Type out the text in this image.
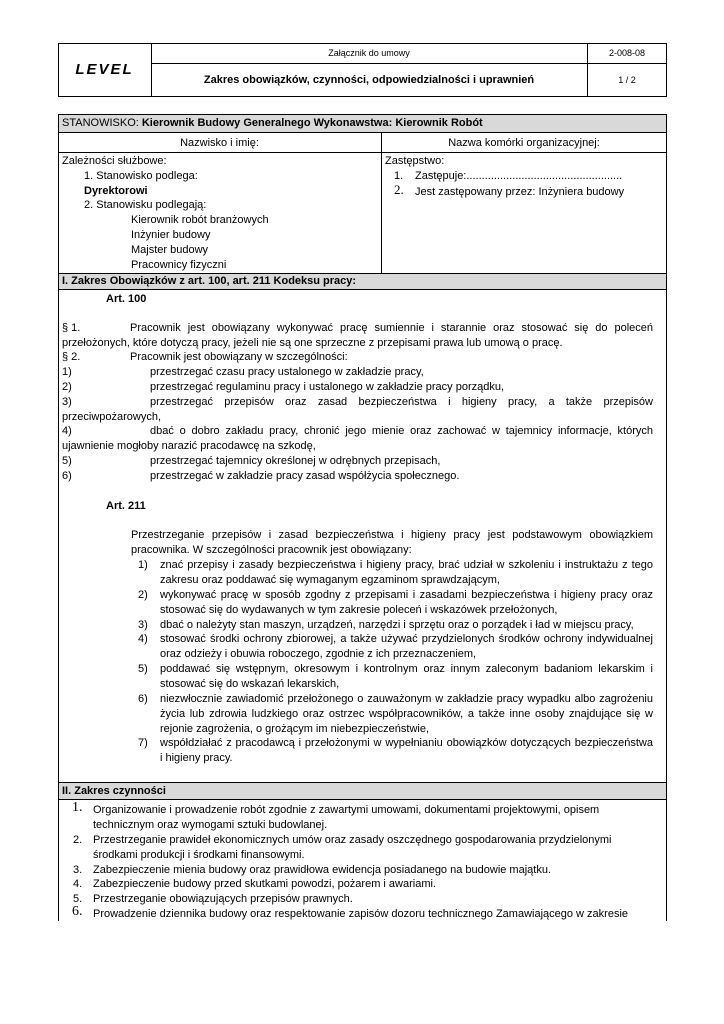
LEVEL
Załącznik do umowy	2-008-08
Zakres obowiązków, czynności, odpowiedzialności i uprawnień	1 / 2
STANOWISKO: Kierownik Budowy Generalnego Wykonawstwa: Kierownik Robót
Nazwisko i imię:	Nazwa komórki organizacyjnej:
Zależności służbowe:
1. Stanowisko podlega:
Dyrektorowi
2. Stanowisku podlegają:
Kierownik robót branżowych
Inżynier budowy
Majster budowy
Pracownicy fizyczni
Zastępstwo:
1. Zastępuje:...................................................
2. Jest zastępowany przez: Inżyniera budowy
I. Zakres Obowiązków z art. 100, art. 211 Kodeksu pracy:
Art. 100
§ 1.	Pracownik jest obowiązany wykonywać pracę sumiennie i starannie oraz stosować się do poleceń
przełożonych, które dotyczą pracy, jeżeli nie są one sprzeczne z przepisami prawa lub umową o pracę.
§ 2.	Pracownik jest obowiązany w szczególności:
1)	przestrzegać czasu pracy ustalonego w zakładzie pracy,
2)	przestrzegać regulaminu pracy i ustalonego w zakładzie pracy porządku,
3)	przestrzegać przepisów oraz zasad bezpieczeństwa i higieny pracy, a także przepisów
przeciwpożarowych,
4)	dbać o dobro zakładu pracy, chronić jego mienie oraz zachować w tajemnicy informacje, których
ujawnienie mogłoby narazić pracodawcę na szkodę,
5)	przestrzegać tajemnicy określonej w odrębnych przepisach,
6)	przestrzegać w zakładzie pracy zasad współżycia społecznego.
Art. 211
Przestrzeganie przepisów i zasad bezpieczeństwa i higieny pracy jest podstawowym obowiązkiem
pracownika. W szczególności pracownik jest obowiązany:
1) znać przepisy i zasady bezpieczeństwa i higieny pracy, brać udział w szkoleniu i instruktażu z tego
zakresu oraz poddawać się wymaganym egzaminom sprawdzającym,
2) wykonywać pracę w sposób zgodny z przepisami i zasadami bezpieczeństwa i higieny pracy oraz
stosować się do wydawanych w tym zakresie poleceń i wskazówek przełożonych,
3) dbać o należyty stan maszyn, urządzeń, narzędzi i sprzętu oraz o porządek i ład w miejscu pracy,
4) stosować środki ochrony zbiorowej, a także używać przydzielonych środków ochrony indywidualnej
oraz odzieży i obuwia roboczego, zgodnie z ich przeznaczeniem,
5) poddawać się wstępnym, okresowym i kontrolnym oraz innym zaleconym badaniom lekarskim i
stosować się do wskazań lekarskich,
6) niezwłocznie zawiadomić przełożonego o zauważonym w zakładzie pracy wypadku albo zagrożeniu
życia lub zdrowia ludzkiego oraz ostrzec współpracowników, a także inne osoby znajdujące się w
rejonie zagrożenia, o grożącym im niebezpieczeństwie,
7) współdziałać z pracodawcą i przełożonymi w wypełnianiu obowiązków dotyczących bezpieczeństwa
i higieny pracy.
II. Zakres czynności
1. Organizowanie i prowadzenie robót zgodnie z zawartymi umowami, dokumentami projektowymi, opisem
technicznym oraz wymogami sztuki budowlanej.
2. Przestrzeganie prawideł ekonomicznych umów oraz zasady oszczędnego gospodarowania przydzielonymi
środkami produkcji i środkami finansowymi.
3. Zabezpieczenie mienia budowy oraz prawidłowa ewidencja posiadanego na budowie majątku.
4. Zabezpieczenie budowy przed skutkami powodzi, pożarem i awariami.
5. Przestrzeganie obowiązujących przepisów prawnych.
6. Prowadzenie dziennika budowy oraz respektowanie zapisów dozoru technicznego Zamawiającego w zakresie
